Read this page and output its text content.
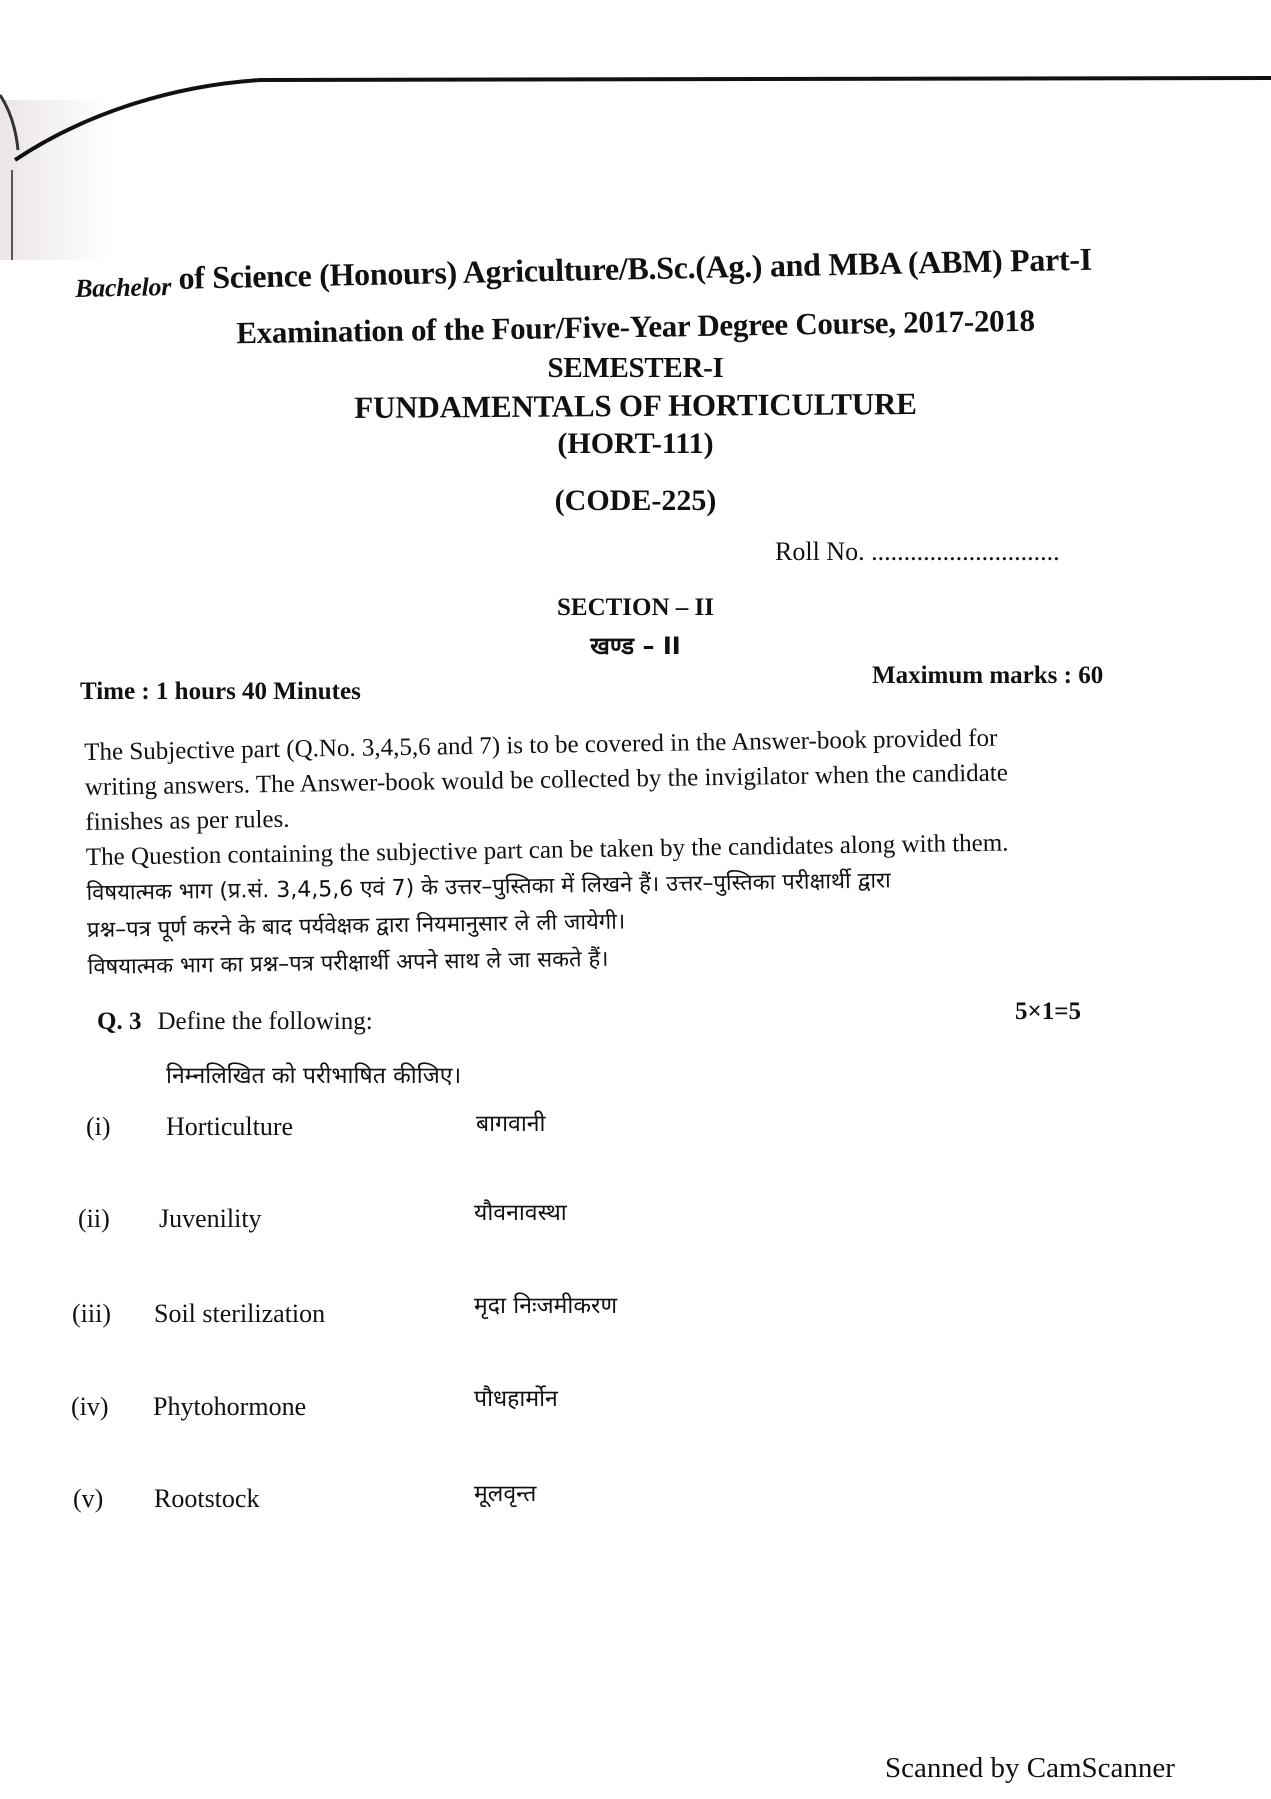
Bachelor of Science (Honours) Agriculture/B.Sc.(Ag.) and MBA (ABM) Part-I
Examination of the Four/Five-Year Degree Course, 2017-2018
SEMESTER-I
FUNDAMENTALS OF HORTICULTURE
(HORT-111)
(CODE-225)
Roll No. .............................
SECTION – II
खण्ड – II
Time : 1 hours 40 Minutes
Maximum marks : 60

The Subjective part (Q.No. 3,4,5,6 and 7) is to be covered in the Answer-book provided for

writing answers. The Answer-book would be collected by the invigilator when the candidate

finishes as per rules.

The Question containing the subjective part can be taken by the candidates along with them.

विषयात्मक भाग (प्र.सं. 3,4,5,6 एवं 7) के उत्तर–पुस्तिका में लिखने हैं। उत्तर–पुस्तिका परीक्षार्थी द्वारा

प्रश्न–पत्र पूर्ण करने के बाद पर्यवेक्षक द्वारा नियमानुसार ले ली जायेगी।

विषयात्मक भाग का प्रश्न–पत्र परीक्षार्थी अपने साथ ले जा सकते हैं।

Q. 3 Define the following:	5×1=5
निम्नलिखित को परीभाषित कीजिए।
(i) Horticulture	बागवानी
(ii) Juvenility	यौवनावस्था
(iii) Soil sterilization	मृदा निःजमीकरण
(iv) Phytohormone	पौधहार्मोन
(v) Rootstock	मूलवृन्त
Scanned by CamScanner
